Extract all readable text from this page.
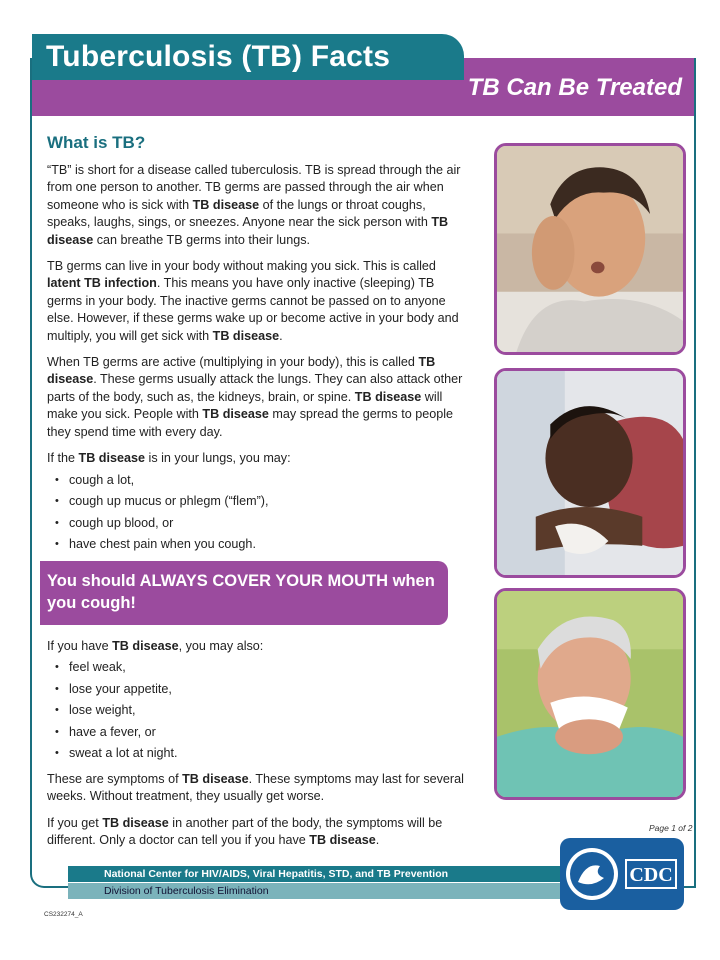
Tuberculosis (TB) Facts
TB Can Be Treated
What is TB?

“TB” is short for a disease called tuberculosis. TB is spread through the air from one person to another. TB germs are passed through the air when someone who is sick with TB disease of the lungs or throat coughs, speaks, laughs, sings, or sneezes. Anyone near the sick person with TB disease can breathe TB germs into their lungs.

TB germs can live in your body without making you sick. This is called latent TB infection. This means you have only inactive (sleeping) TB germs in your body. The inactive germs cannot be passed on to anyone else. However, if these germs wake up or become active in your body and multiply, you will get sick with TB disease.

When TB germs are active (multiplying in your body), this is called TB disease. These germs usually attack the lungs. They can also attack other parts of the body, such as, the kidneys, brain, or spine. TB disease will make you sick. People with TB disease may spread the germs to people they spend time with every day.

If the TB disease is in your lungs, you may:

• cough a lot,
• cough up mucus or phlegm (“flem”),
• cough up blood, or
• have chest pain when you cough.
You should ALWAYS COVER YOUR MOUTH when you cough!

If you have TB disease, you may also:

• feel weak,
• lose your appetite,
• lose weight,
• have a fever, or
• sweat a lot at night.

These are symptoms of TB disease. These symptoms may last for several weeks. Without treatment, they usually get worse.

If you get TB disease in another part of the body, the symptoms will be different. Only a doctor can tell you if you have TB disease.

Page 1 of 2
National Center for HIV/AIDS, Viral Hepatitis, STD, and TB Prevention
Division of Tuberculosis Elimination
CDC
CS232274_A
